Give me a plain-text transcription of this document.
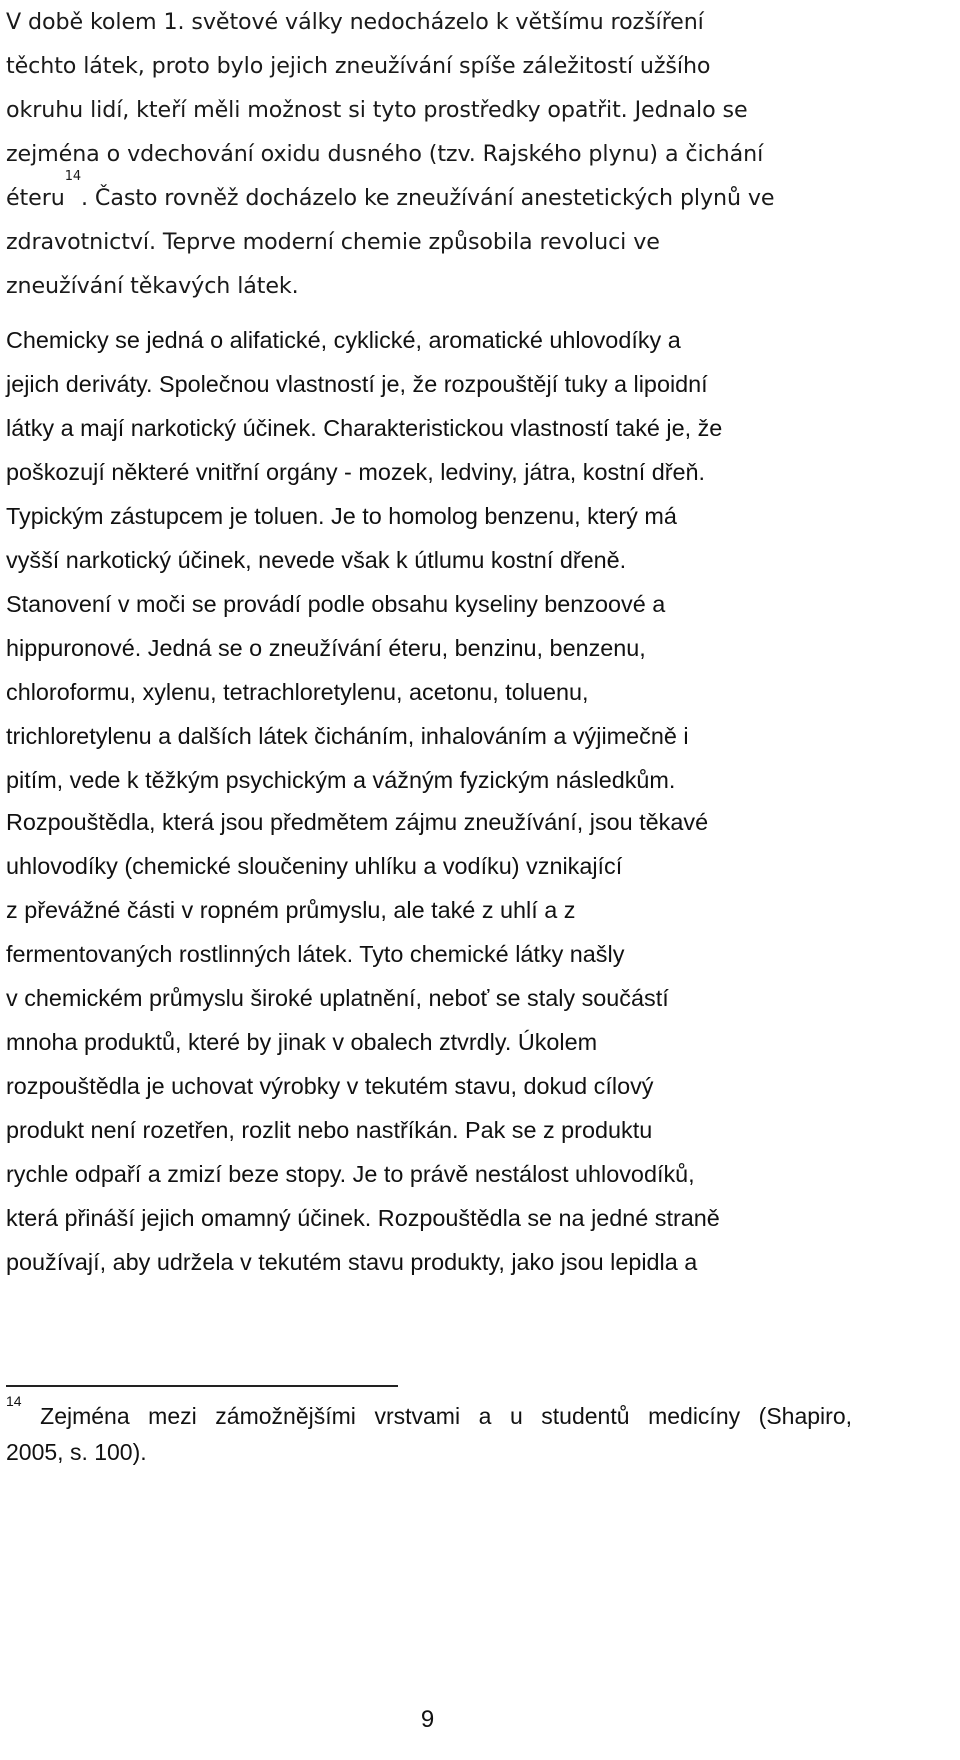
V době kolem 1. světové války nedocházelo k většímu rozšíření
těchto látek, proto bylo jejich zneužívání spíše záležitostí užšího
okruhu lidí, kteří měli možnost si tyto prostředky opatřit. Jednalo se
zejména o vdechování oxidu dusného (tzv. Rajského plynu) a čichání
éteru$^{14}$. Často rovněž docházelo ke zneužívání anestetických plynů ve
zdravotnictví. Teprve moderní chemie způsobila revoluci ve
zneužívání těkavých látek.
Chemicky se jedná o alifatické, cyklické, aromatické uhlovodíky a
jejich deriváty. Společnou vlastností je, že rozpouštějí tuky a lipoidní
látky a mají narkotický účinek. Charakteristickou vlastností také je, že
poškozují některé vnitřní orgány - mozek, ledviny, játra, kostní dřeň.
Typickým zástupcem je toluen. Je to homolog benzenu, který má
vyšší narkotický účinek, nevede však k útlumu kostní dřeně.
Stanovení v moči se provádí podle obsahu kyseliny benzoové a
hippuronové. Jedná se o zneužívání éteru, benzinu, benzenu,
chloroformu, xylenu, tetrachloretylenu, acetonu, toluenu,
trichloretylenu a dalších látek čicháním, inhalováním a výjimečně i
pitím, vede k těžkým psychickým a vážným fyzickým následkům.
Rozpouštědla, která jsou předmětem zájmu zneužívání, jsou těkavé
uhlovodíky (chemické sloučeniny uhlíku a vodíku) vznikající
z převážné části v ropném průmyslu, ale také z uhlí a z
fermentovaných rostlinných látek. Tyto chemické látky našly
v chemickém průmyslu široké uplatnění, neboť se staly součástí
mnoha produktů, které by jinak v obalech ztvrdly. Úkolem
rozpouštědla je uchovat výrobky v tekutém stavu, dokud cílový
produkt není rozetřen, rozlit nebo nastříkán. Pak se z produktu
rychle odpaří a zmizí beze stopy. Je to právě nestálost uhlovodíků,
která přináší jejich omamný účinek. Rozpouštědla se na jedné straně
používají, aby udržela v tekutém stavu produkty, jako jsou lepidla a
$^{14}$ Zejména mezi zámožnějšími vrstvami a u studentů medicíny (Shapiro,
2005, s. 100).
9
